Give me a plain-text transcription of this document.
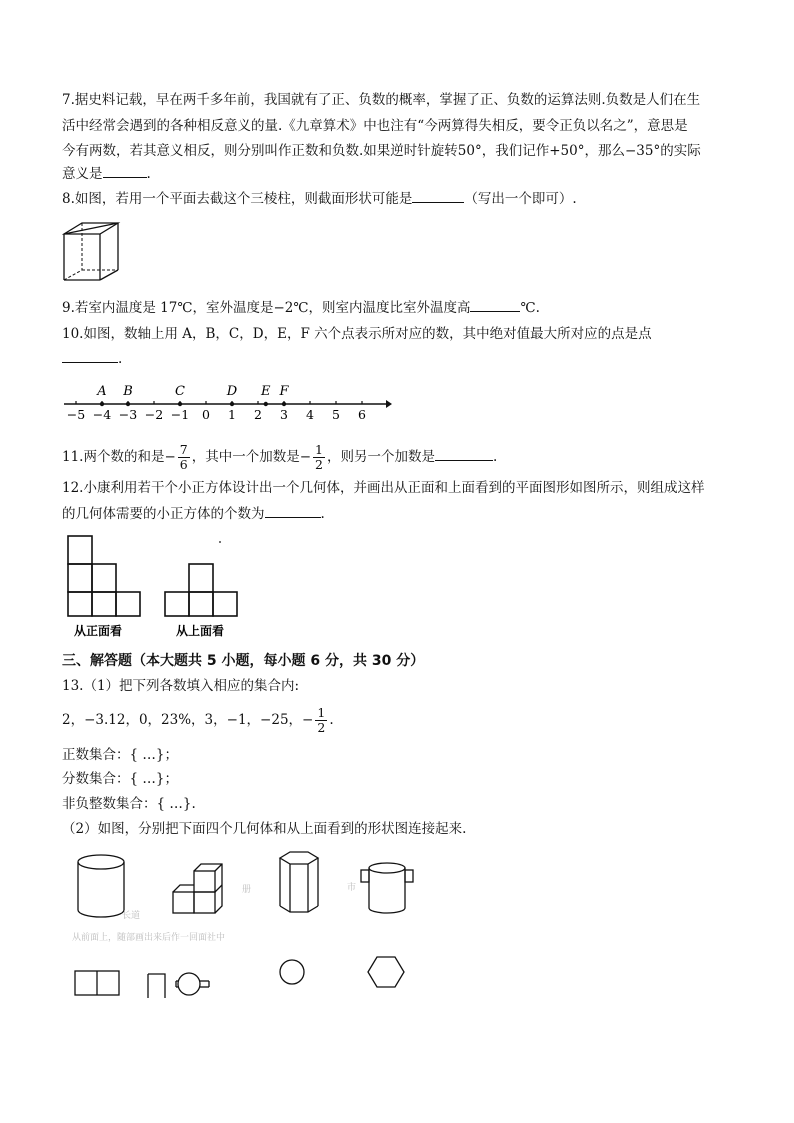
7.据史料记载，早在两千多年前，我国就有了正、负数的概率，掌握了正、负数的运算法则.负数是人们在生
活中经常会遇到的各种相反意义的量.《九章算术》中也注有“今两算得失相反，要令正负以名之”，意思是
今有两数，若其意义相反，则分别叫作正数和负数.如果逆时针旋转50°，我们记作+50°，那么−35°的实际
意义是	.
8.如图，若用一个平面去截这个三棱柱，则截面形状可能是	（写出一个即可）.
9.若室内温度是 17℃，室外温度是−2℃，则室内温度比室外温度高	℃.
10.如图，数轴上用 A，B，C，D，E，F 六个点表示所对应的数，其中绝对值最大所对应的点是点
.
−5 −4 −3 −2 −1 0 1 2 3 4 5 6
A B	C	D E F
11.两个数的和是− $\frac{7}{6}$ ，其中一个加数是− $\frac{1}{2}$ ，则另一个加数是	.
12.小康利用若干个小正方体设计出一个几何体，并画出从正面和上面看到的平面图形如图所示，则组成这样
的几何体需要的小正方体的个数为	.
从正面看	从上面看
三、解答题（本大题共 5 小题，每小题 6 分，共 30 分）
13.（1）把下列各数填入相应的集合内:
2，−3.12，0，23%，3，−1，−25，− $\frac{1}{2}$ .
正数集合：{ …}；
分数集合：{ …}；
非负整数集合：{ …}.
（2）如图，分别把下面四个几何体和从上面看到的形状图连接起来.
长道
册	市
从前面上，随部画出来后作一回面社中
